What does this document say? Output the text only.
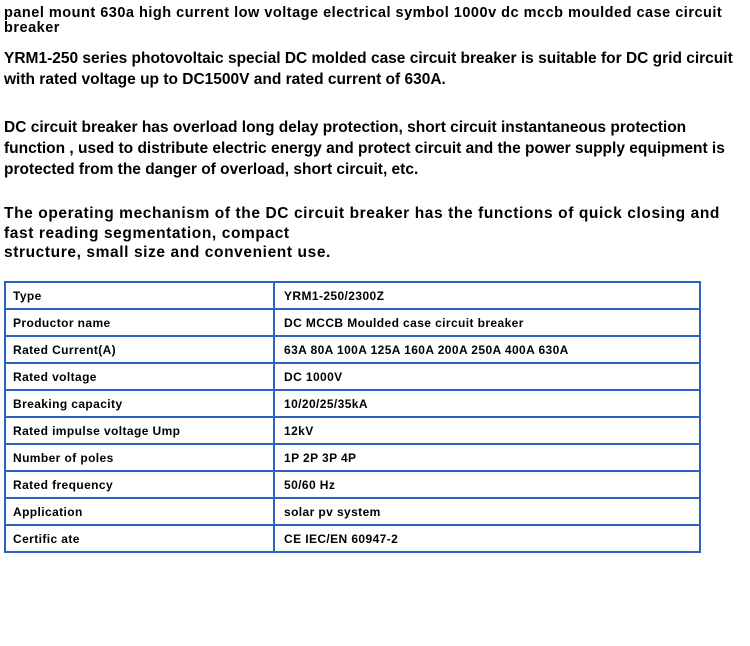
panel mount 630a high current low voltage electrical symbol 1000v dc mccb moulded case circuit breaker

YRM1-250 series photovoltaic special DC molded case circuit breaker is suitable for DC grid circuit with rated voltage up to DC1500V and rated current of 630A.

DC circuit breaker has overload long delay protection, short circuit instantaneous protection function , used to distribute electric energy and protect circuit and the power supply equipment is protected from the danger of overload, short circuit, etc.

The operating mechanism of the DC circuit breaker has the functions of quick closing and fast reading segmentation, compact
structure, small size and convenient use.
Type	YRM1-250/2300Z
Productor name	DC MCCB Moulded case circuit breaker
Rated Current(A)	63A 80A 100A 125A 160A 200A 250A 400A 630A
Rated voltage	DC 1000V
Breaking capacity	10/20/25/35kA
Rated impulse voltage Ump	12kV
Number of poles	1P 2P 3P 4P
Rated frequency	50/60 Hz
Application	solar pv system
Certific ate	CE IEC/EN 60947-2
